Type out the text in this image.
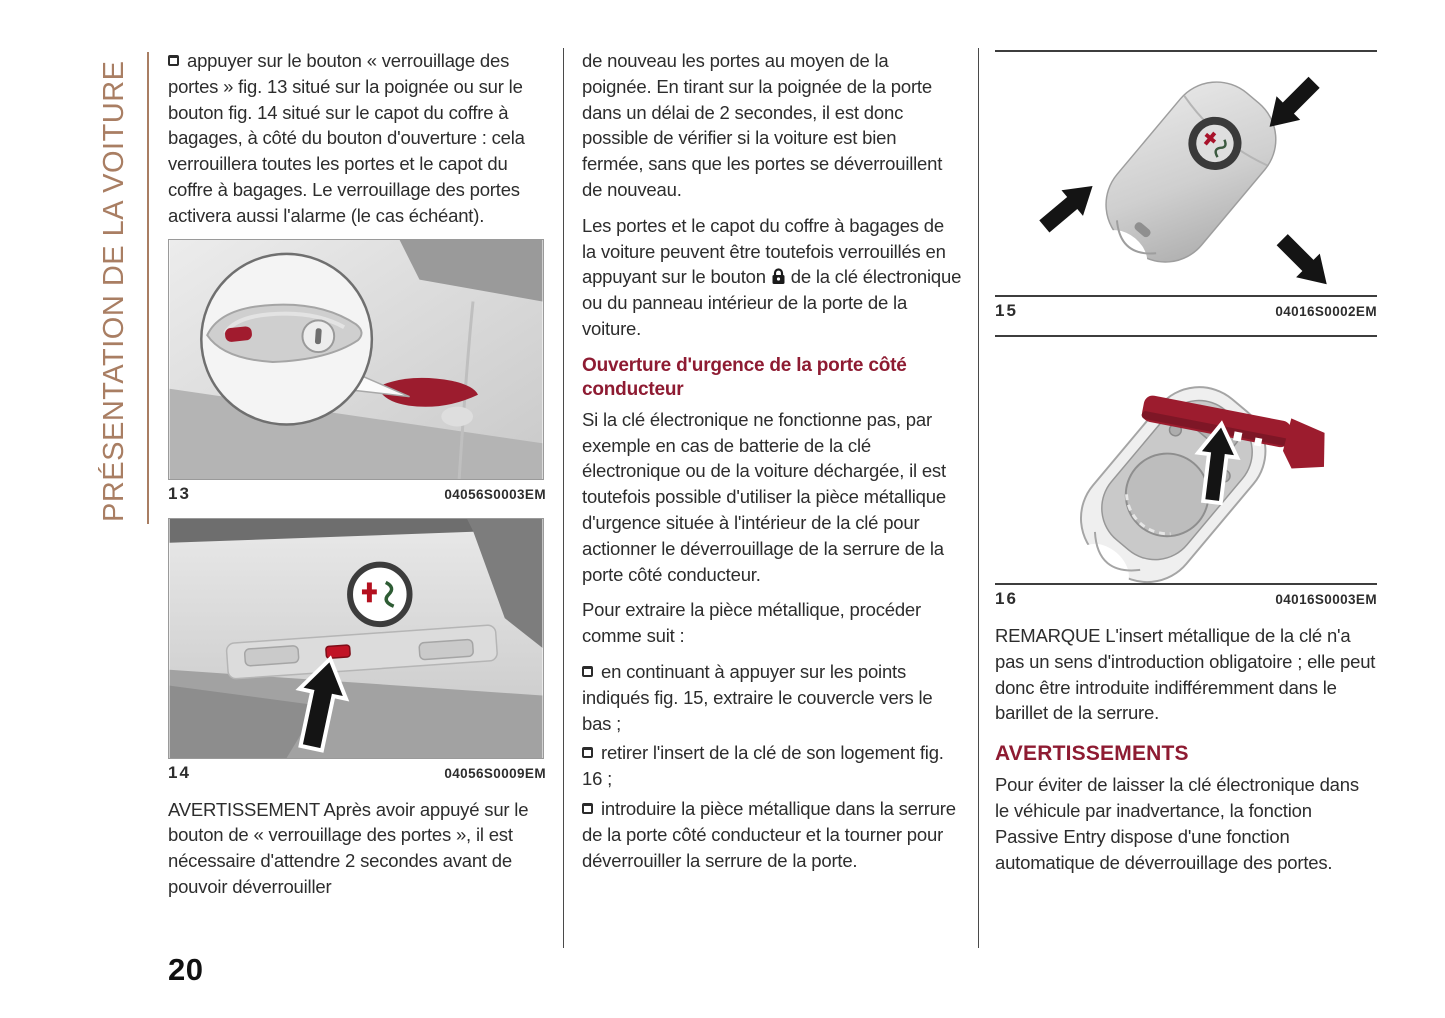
PRÉSENTATION DE LA VOITURE	appuyer sur le bouton « verrouillage des portes » fig. 13 situé sur la poignée ou sur le bouton fig. 14 situé sur le capot du coffre à bagages, à côté du bouton d'ouverture : cela verrouillera toutes les portes et le capot du coffre à bagages. Le verrouillage des portes activera aussi l'alarme (le cas échéant).

13	04056S0003EM
14	04056S0009EM

AVERTISSEMENT Après avoir appuyé sur le bouton de « verrouillage des portes », il est nécessaire d'attendre 2 secondes avant de pouvoir déverrouiller

de nouveau les portes au moyen de la poignée. En tirant sur la poignée de la porte dans un délai de 2 secondes, il est donc possible de vérifier si la voiture est bien fermée, sans que les portes se déverrouillent de nouveau.

Les portes et le capot du coffre à bagages de la voiture peuvent être toutefois verrouillés en appuyant sur le bouton de la clé électronique ou du panneau intérieur de la porte de la voiture.

Ouverture d'urgence de la porte côté conducteur

Si la clé électronique ne fonctionne pas, par exemple en cas de batterie de la clé électronique ou de la voiture déchargée, il est toutefois possible d'utiliser la pièce métallique d'urgence située à l'intérieur de la clé pour actionner le déverrouillage de la serrure de la porte côté conducteur.

Pour extraire la pièce métallique, procéder comme suit :

en continuant à appuyer sur les points indiqués fig. 15, extraire le couvercle vers le bas ;

retirer l'insert de la clé de son logement fig. 16 ;

introduire la pièce métallique dans la serrure de la porte côté conducteur et la tourner pour déverrouiller la serrure de la porte.

15	04016S0002EM
16	04016S0003EM

REMARQUE L'insert métallique de la clé n'a pas un sens d'introduction obligatoire ; elle peut donc être introduite indifféremment dans le barillet de la serrure.

AVERTISSEMENTS

Pour éviter de laisser la clé électronique dans le véhicule par inadvertance, la fonction Passive Entry dispose d'une fonction automatique de déverrouillage des portes.

20
